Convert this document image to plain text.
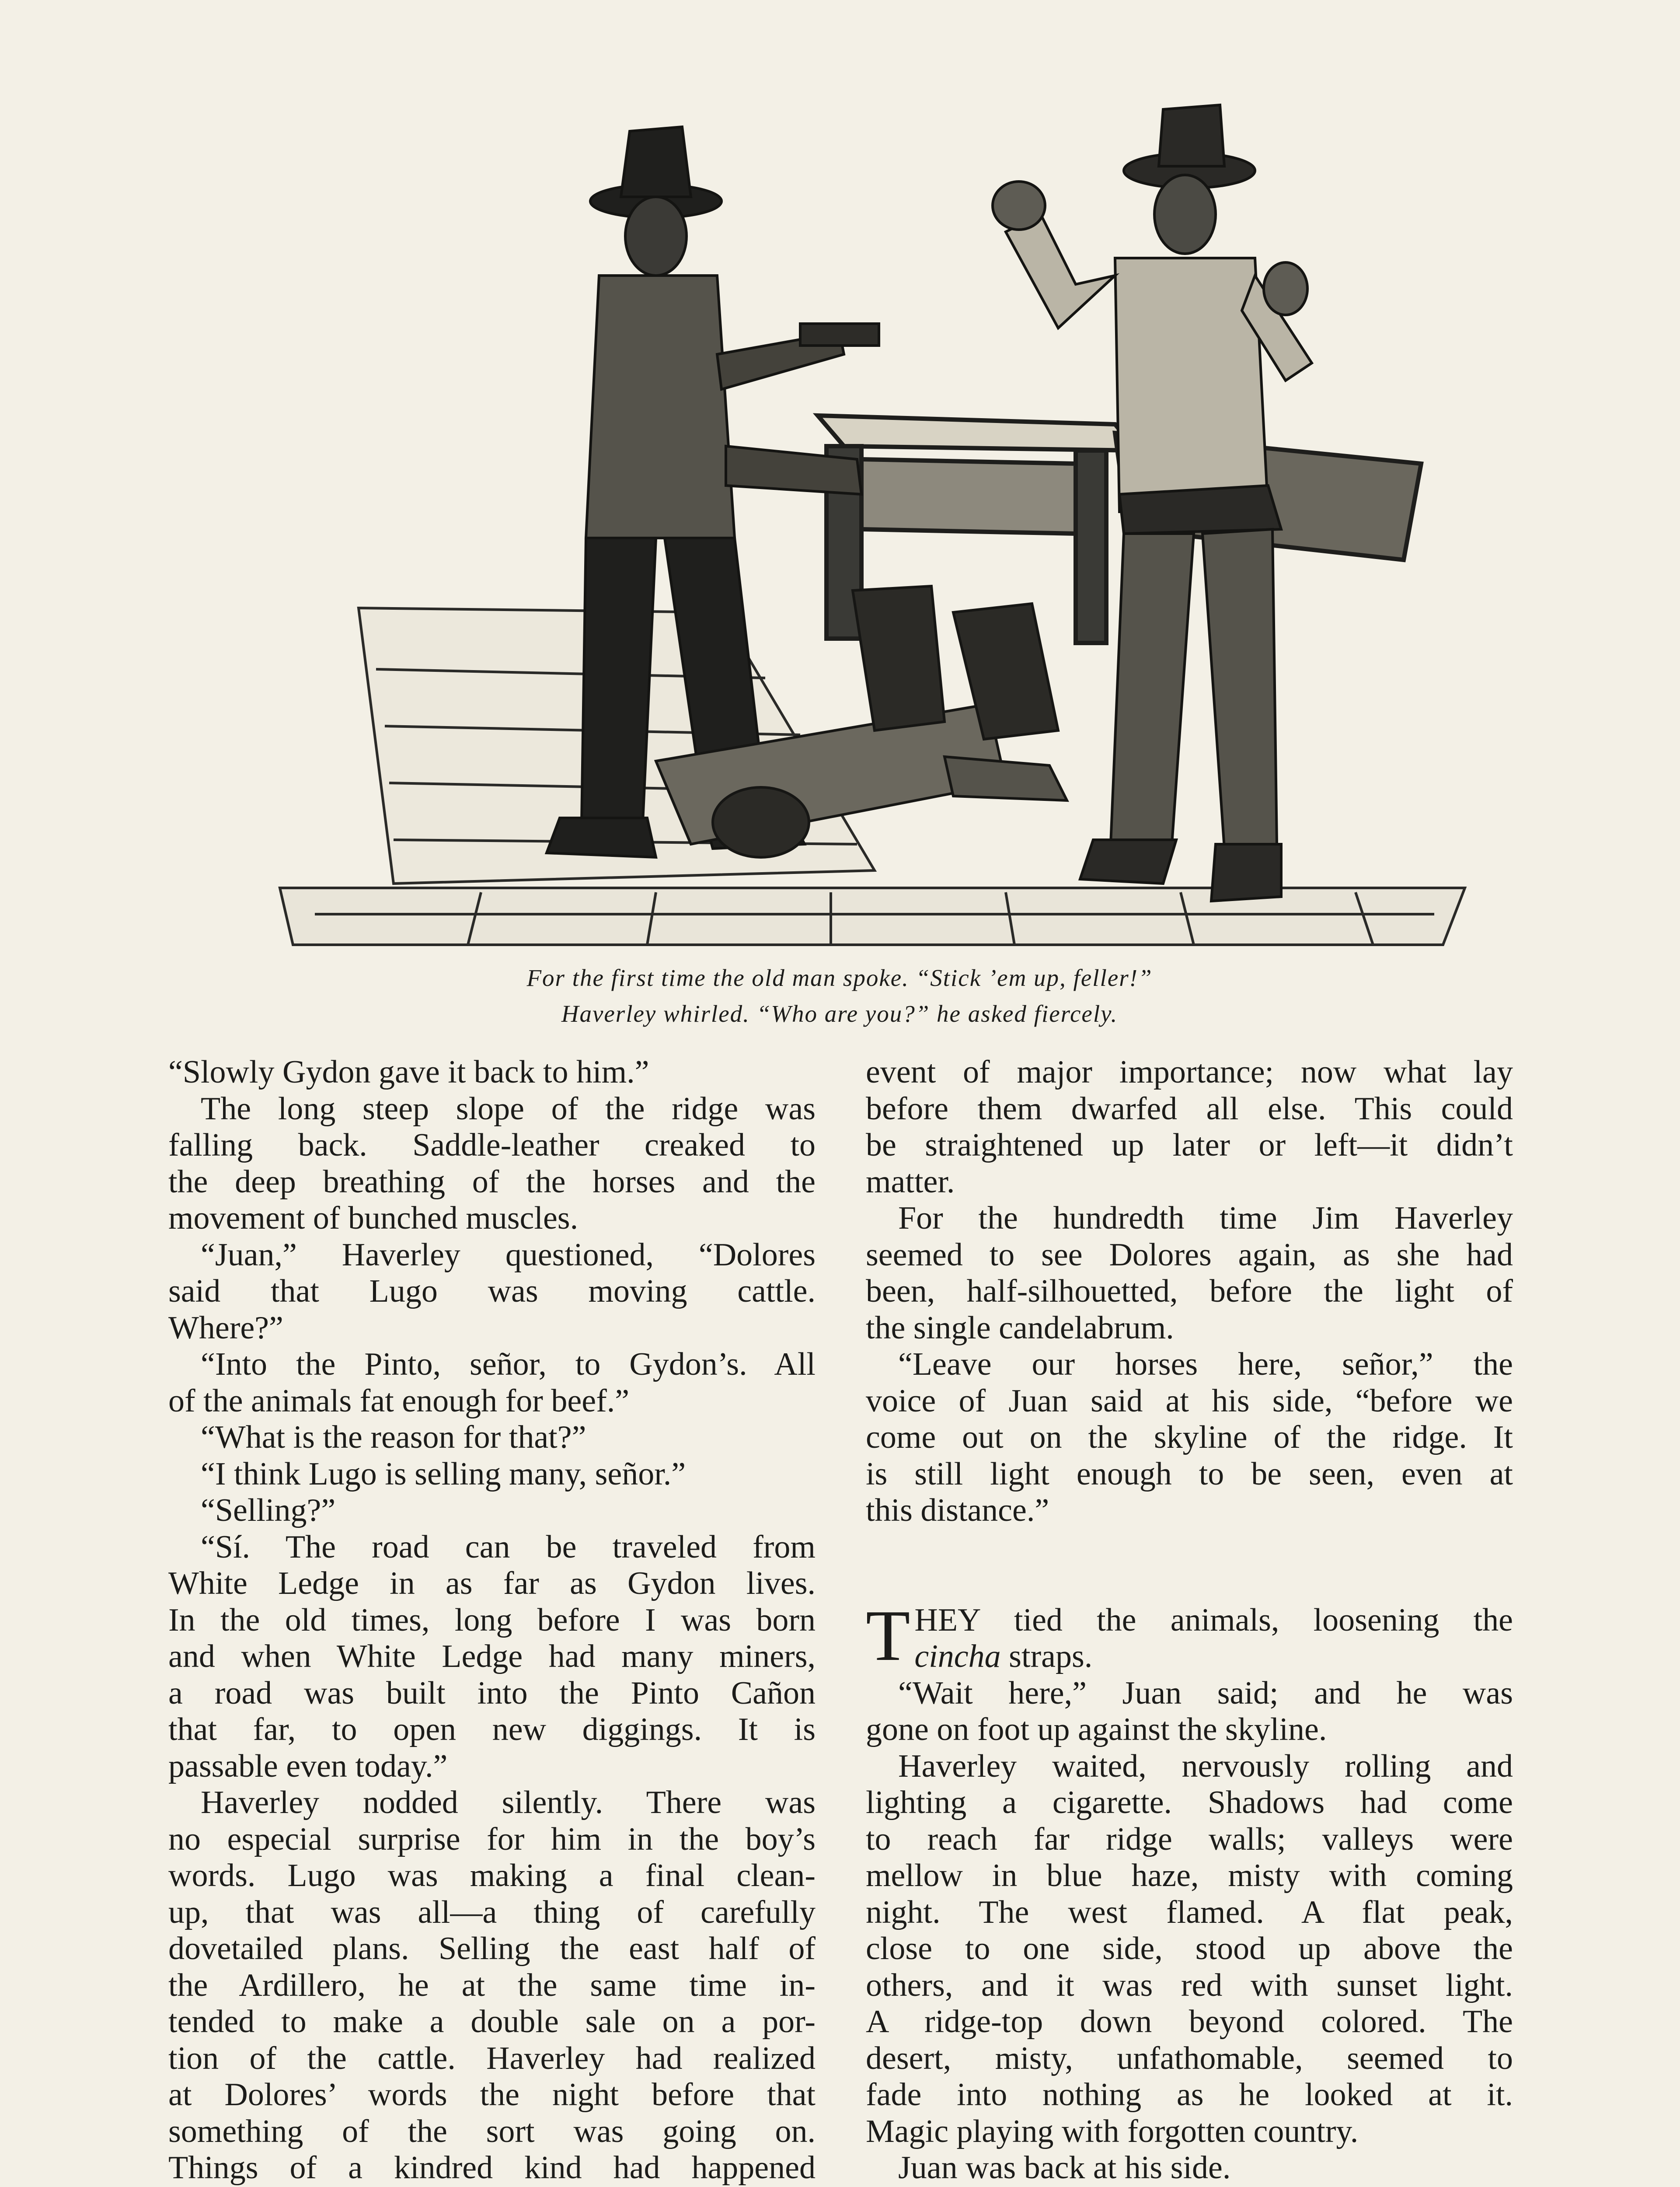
For the first time the old man spoke. “Stick ’em up, feller!”
Haverley whirled. “Who are you?” he asked fiercely.
“Slowly Gydon gave it back to him.”
The long steep slope of the ridge was
falling back. Saddle-leather creaked to
the deep breathing of the horses and the
movement of bunched muscles.
“Juan,” Haverley questioned, “Dolores
said that Lugo was moving cattle.
Where?”
“Into the Pinto, señor, to Gydon’s. All
of the animals fat enough for beef.”
“What is the reason for that?”
“I think Lugo is selling many, señor.”
“Selling?”
“Sí. The road can be traveled from
White Ledge in as far as Gydon lives.
In the old times, long before I was born
and when White Ledge had many miners,
a road was built into the Pinto Cañon
that far, to open new diggings. It is
passable even today.”
Haverley nodded silently. There was
no especial surprise for him in the boy’s
words. Lugo was making a final clean-
up, that was all—a thing of carefully
dovetailed plans. Selling the east half of
the Ardillero, he at the same time in-
tended to make a double sale on a por-
tion of the cattle. Haverley had realized
at Dolores’ words the night before that
something of the sort was going on.
Things of a kindred kind had happened
event of major importance; now what lay
before them dwarfed all else. This could
be straightened up later or left—it didn’t
matter.
For the hundredth time Jim Haverley
seemed to see Dolores again, as she had
been, half-silhouetted, before the light of
the single candelabrum.
“Leave our horses here, señor,” the
voice of Juan said at his side, “before we
come out on the skyline of the ridge. It
is still light enough to be seen, even at
this distance.”
T HEY tied the animals, loosening the
cincha straps.
“Wait here,” Juan said; and he was
gone on foot up against the skyline.
Haverley waited, nervously rolling and
lighting a cigarette. Shadows had come
to reach far ridge walls; valleys were
mellow in blue haze, misty with coming
night. The west flamed. A flat peak,
close to one side, stood up above the
others, and it was red with sunset light.
A ridge-top down beyond colored. The
desert, misty, unfathomable, seemed to
fade into nothing as he looked at it.
Magic playing with forgotten country.
Juan was back at his side.
